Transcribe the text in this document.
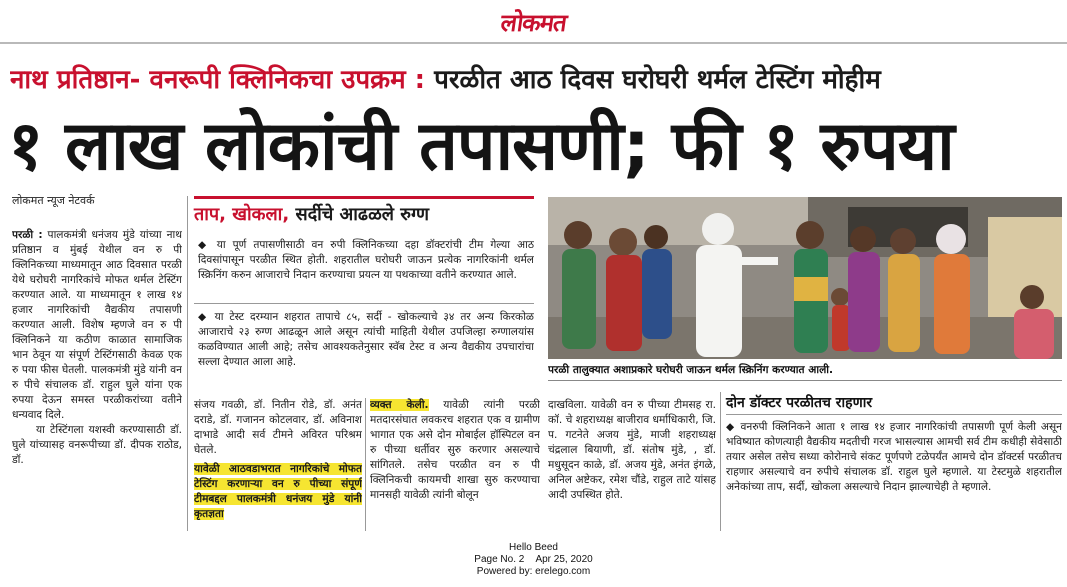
लोकमत
नाथ प्रतिष्ठान- वनरूपी क्लिनिकचा उपक्रम : परळीत आठ दिवस घरोघरी थर्मल टेस्टिंग मोहीम
१ लाख लोकांची तपासणी; फी १ रुपया
लोकमत न्यूज नेटवर्क

परळी : पालकमंत्री धनंजय मुंडे यांच्या नाथ प्रतिष्ठान व मुंबई येथील वन रु पी क्लिनिकच्या माध्यमातून आठ दिवसात परळी येथे घरोघरी नागरिकांचे मोफत थर्मल टेस्टिंग करण्यात आले. या माध्यमातून १ लाख १४ हजार नागरिकांची वैद्यकीय तपासणी करण्यात आली. विशेष म्हणजे वन रु पी क्लिनिकने या कठीण काळात सामाजिक भान ठेवून या संपूर्ण टेस्टिंगसाठी केवळ एक रु पया फीस घेतली. पालकमंत्री मुंडे यांनी वन रु पीचे संचालक डॉ. राहुल घुले यांना एक रुपया देऊन समस्त परळीकरांच्या वतीने धन्यवाद दिले.

या टेस्टिंगला यशस्वी करण्यासाठी डॉ. घुले यांच्यासह वनरूपीच्या डॉ. दीपक राठोड, डॉ.

ताप, खोकला, सर्दीचे आढळले रुग्ण
◆ या पूर्ण तपासणीसाठी वन रुपी क्लिनिकच्या दहा डॉक्टरांची टीम गेल्या आठ दिवसांपासून परळीत स्थित होती. शहरातील घरोघरी जाऊन प्रत्येक नागरिकांनी थर्मल स्क्रिनिंग करुन आजाराचे निदान करण्याचा प्रयत्न या पथकाच्या वतीने करण्यात आले.
◆ या टेस्ट दरम्यान शहरात तापाचे ८५, सर्दी - खोकल्याचे ३४ तर अन्य किरकोळ आजाराचे २३ रुग्ण आढळून आले असून त्यांची माहिती येथील उपजिल्हा रुग्णालयांस कळविण्यात आली आहे; तसेच आवश्यकतेनुसार स्वॅब टेस्ट व अन्य वैद्यकीय उपचारांचा सल्ला देण्यात आला आहे.
परळी तालुक्यात अशाप्रकारे घरोघरी जाऊन थर्मल स्क्रिनिंग करण्यात आली.

संजय गवळी, डॉ. नितीन रोडे, डॉ. अनंत दराडे, डॉ. गजानन कोटलवार, डॉ. अविनाश दाभाडे आदी सर्व टीमने अविरत परिश्रम घेतले.

यावेळी आठवडाभरात नागरिकांचे मोफत टेस्टिंग करणाऱ्या वन रु पीच्या संपूर्ण टीमबद्दल पालकमंत्री धनंजय मुंडे यांनी कृतज्ञता

व्यक्त केली. यावेळी त्यांनी परळी मतदारसंघात लवकरच शहरात एक व ग्रामीण भागात एक असे दोन मोबाईल हॉस्पिटल वन रु पीच्या धर्तीवर सुरु करणार असल्याचे सांगितले. तसेच परळीत वन रु पी क्लिनिकची कायमची शाखा सुरु करण्याचा मानसही यावेळी त्यांनी बोलून

दाखविला. यावेळी वन रु पीच्या टीमसह रा. कॉ. चे शहराध्यक्ष बाजीराव धर्माधिकारी, जि. प. गटनेते अजय मुंडे, माजी शहराध्यक्ष चंद्रलाल बियाणी, डॉ. संतोष मुंडे, , डॉ. मधुसूदन काळे, डॉ. अजय मुंडे, अनंत इंगळे, अनिल अष्टेकर, रमेश चौंडे, राहुल ताटे यांसह आदी उपस्थित होते.

दोन डॉक्टर परळीतच राहणार

◆ वनरुपी क्लिनिकने आता १ लाख १४ हजार नागरिकांची तपासणी पूर्ण केली असून भविष्यात कोणत्याही वैद्यकीय मदतीची गरज भासल्यास आमची सर्व टीम कधीही सेवेसाठी तयार असेल तसेच सध्या कोरोनाचे संकट पूर्णपणे टळेपर्यंत आमचे दोन डॉक्टर्स परळीतच राहणार असल्याचे वन रुपीचे संचालक डॉ. राहुल घुले म्हणाले. या टेस्टमुळे शहरातील अनेकांच्या ताप, सर्दी, खोकला असल्याचे निदान झाल्याचेही ते म्हणाले.

Hello Beed
Page No. 2 Apr 25, 2020
Powered by: erelego.com
